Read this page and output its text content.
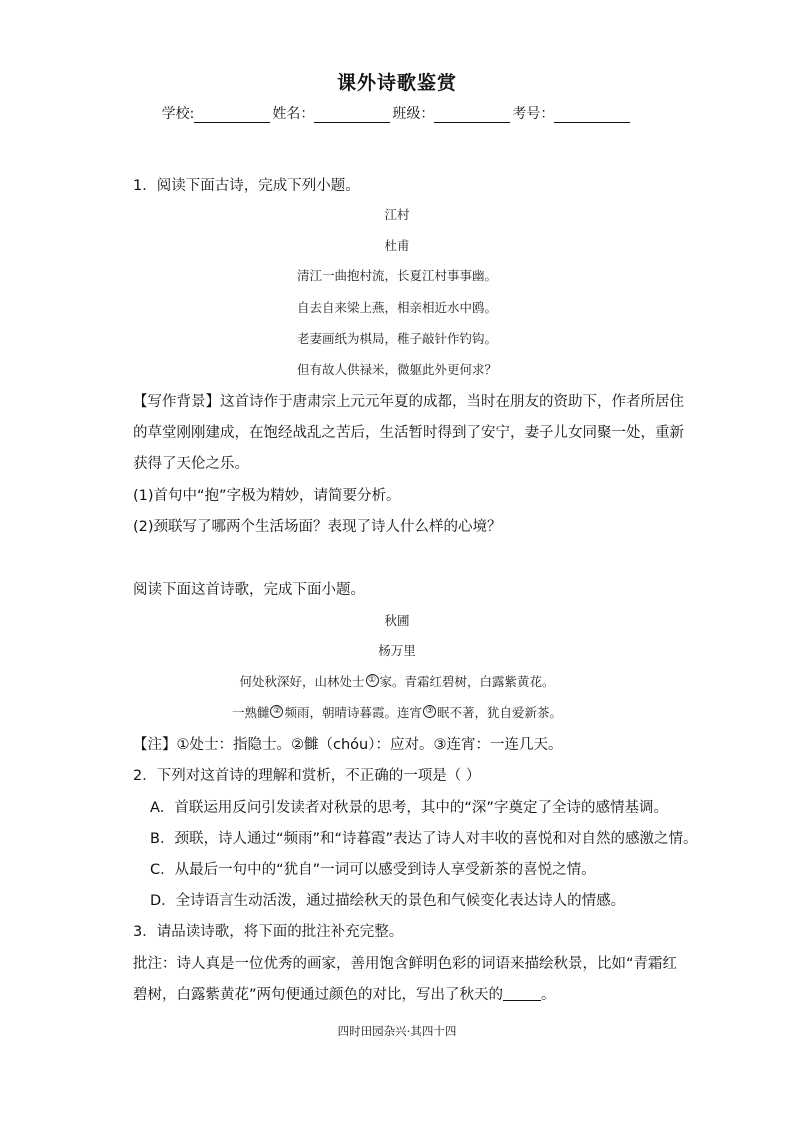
课外诗歌鉴赏
学校:	姓名：	班级：	考号：
1．阅读下面古诗，完成下列小题。
江村
杜甫
清江一曲抱村流，长夏江村事事幽。
自去自来梁上燕，相亲相近水中鸥。
老妻画纸为棋局，稚子敲针作钓钩。
但有故人供禄米，微躯此外更何求？
【写作背景】这首诗作于唐肃宗上元元年夏的成都，当时在朋友的资助下，作者所居住
的草堂刚刚建成，在饱经战乱之苦后，生活暂时得到了安宁，妻子儿女同聚一处，重新
获得了天伦之乐。
(1)首句中“抱”字极为精妙，请简要分析。
(2)颈联写了哪两个生活场面？表现了诗人什么样的心境？
阅读下面这首诗歌，完成下面小题。
秋圃
杨万里
何处秋深好，山林处士 ① 家。青霜红碧树，白露紫黄花。
一熟雠 ② 频雨，朝晴诗暮霞。连宵 ③ 眠不著，犹自爱新茶。
【注】①处士：指隐士。②雠（chóu）：应对。③连宵：一连几天。
2．下列对这首诗的理解和赏析，不正确的一项是（ ）
A．首联运用反问引发读者对秋景的思考，其中的“深”字奠定了全诗的感情基调。
B．颈联，诗人通过“频雨”和“诗暮霞”表达了诗人对丰收的喜悦和对自然的感激之情。
C．从最后一句中的“犹自”一词可以感受到诗人享受新茶的喜悦之情。
D．全诗语言生动活泼，通过描绘秋天的景色和气候变化表达诗人的情感。
3．请品读诗歌，将下面的批注补充完整。
批注：诗人真是一位优秀的画家，善用饱含鲜明色彩的词语来描绘秋景，比如“青霜红
碧树，白露紫黄花”两句便通过颜色的对比，写出了秋天的	。
四时田园杂兴·其四十四
